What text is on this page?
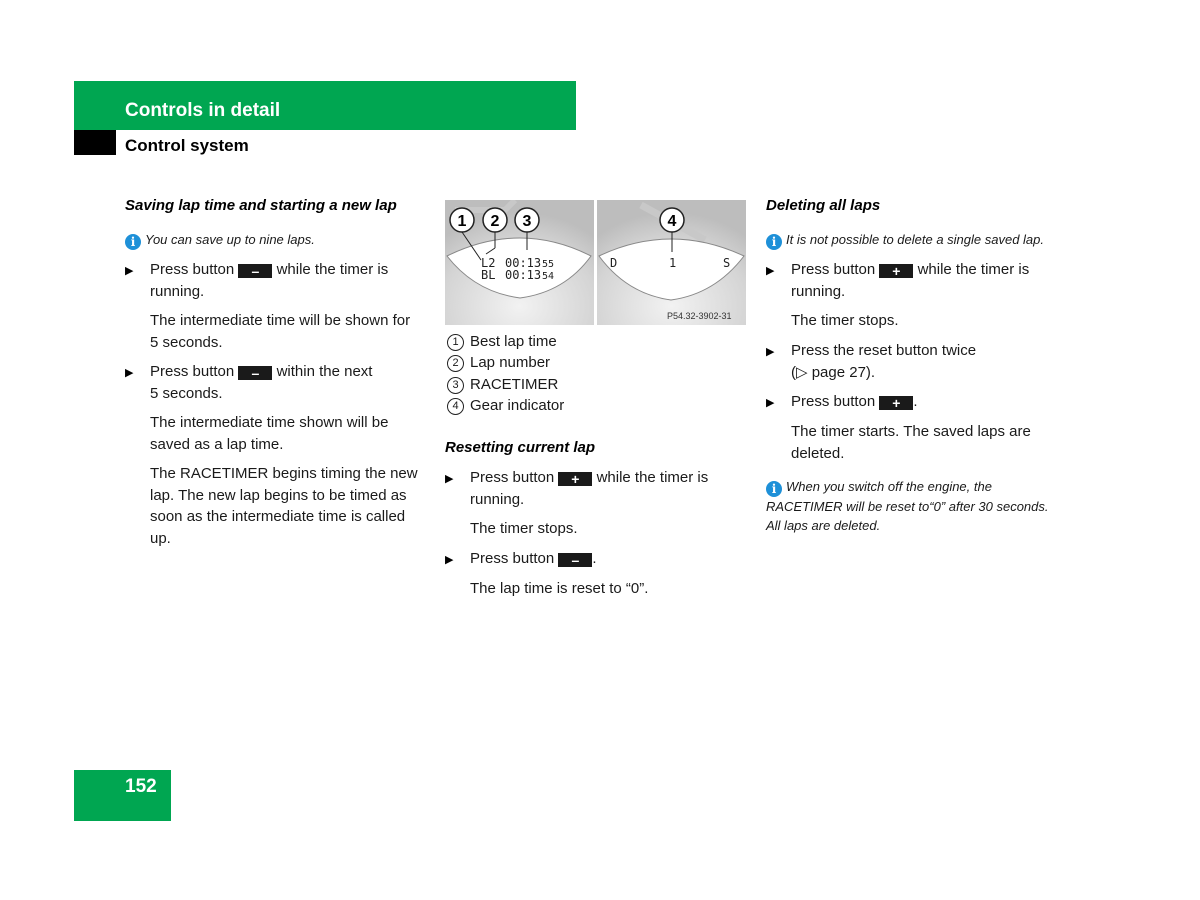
Controls in detail
Control system
Saving lap time and starting a new lap
i You can save up to nine laps.
▶ Press button – while the timer is
running.
The intermediate time will be shown for
5 seconds.
▶ Press button – within the next
5 seconds.
The intermediate time shown will be
saved as a lap time.
The RACETIMER begins timing the new
lap. The new lap begins to be timed as
soon as the intermediate time is called
up.
1 2 3	4
L2 00:13 55
BL 00:13 54
D	1	S
P54.32-3902-31
1 Best lap time
2 Lap number
3 RACETIMER
4 Gear indicator
Resetting current lap
▶ Press button + while the timer is
running.
The timer stops.
▶ Press button – .
The lap time is reset to “0”.
Deleting all laps
i It is not possible to delete a single saved lap.
▶ Press button + while the timer is
running.
The timer stops.
▶ Press the reset button twice
(▷ page 27).
▶ Press button + .
The timer starts. The saved laps are
deleted.
i When you switch off the engine, the
RACETIMER will be reset to“0” after 30 seconds.
All laps are deleted.
152
